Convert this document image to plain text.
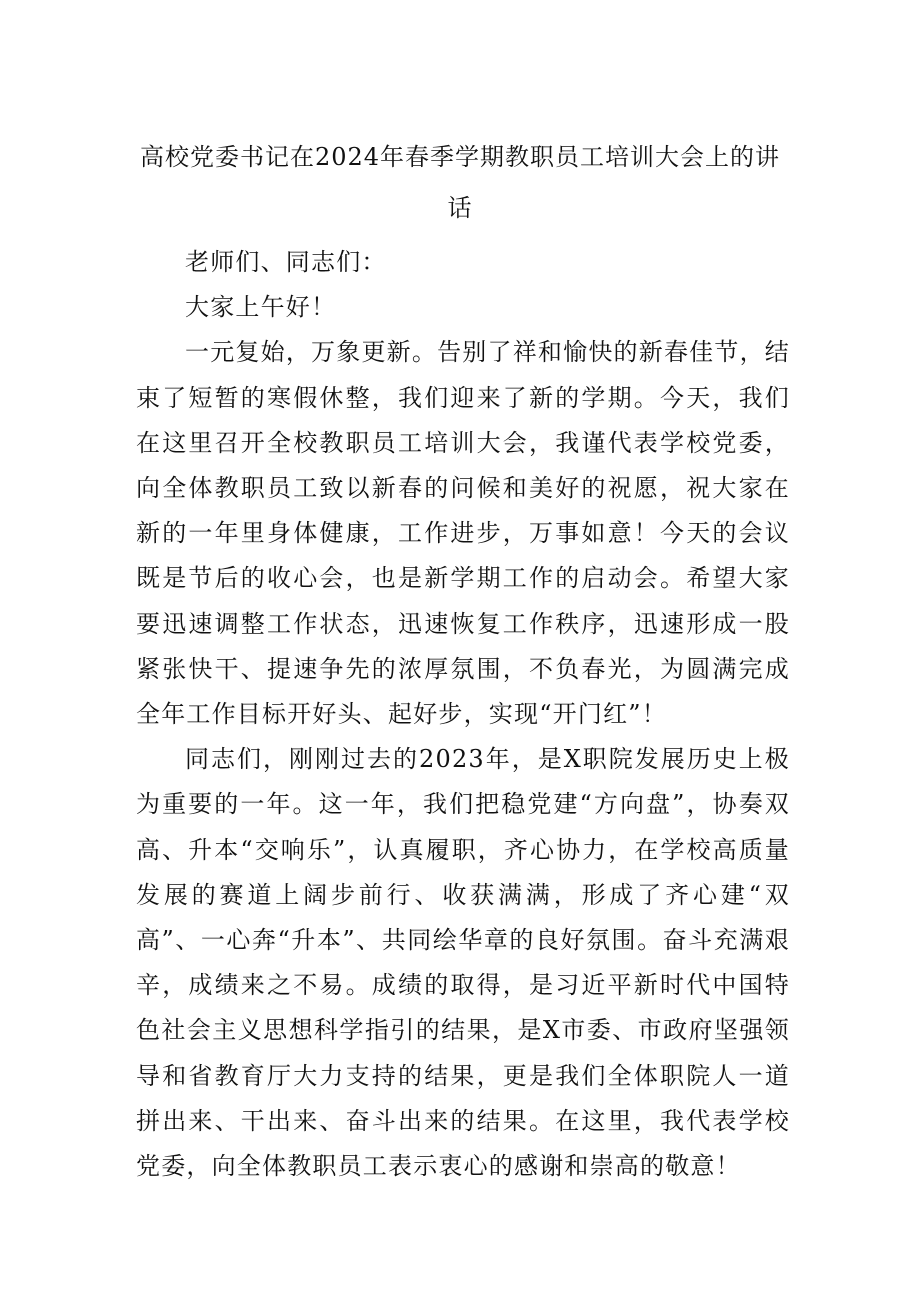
高校党委书记在2024年春季学期教职员工培训大会上的讲
话

老师们、同志们：

大家上午好！

一元复始，万象更新。告别了祥和愉快的新春佳节，结束了短暂的寒假休整，我们迎来了新的学期。今天，我们在这里召开全校教职员工培训大会，我谨代表学校党委，向全体教职员工致以新春的问候和美好的祝愿，祝大家在新的一年里身体健康，工作进步，万事如意！今天的会议既是节后的收心会，也是新学期工作的启动会。希望大家要迅速调整工作状态，迅速恢复工作秩序，迅速形成一股紧张快干、提速争先的浓厚氛围，不负春光，为圆满完成全年工作目标开好头、起好步，实现“开门红”！

同志们，刚刚过去的2023年，是X职院发展历史上极为重要的一年。这一年，我们把稳党建“方向盘”，协奏双高、升本“交响乐”，认真履职，齐心协力，在学校高质量发展的赛道上阔步前行、收获满满，形成了齐心建“双高”、一心奔“升本”、共同绘华章的良好氛围。奋斗充满艰辛，成绩来之不易。成绩的取得，是习近平新时代中国特色社会主义思想科学指引的结果，是X市委、市政府坚强领导和省教育厅大力支持的结果，更是我们全体职院人一道拼出来、干出来、奋斗出来的结果。在这里，我代表学校党委，向全体教职员工表示衷心的感谢和崇高的敬意！
